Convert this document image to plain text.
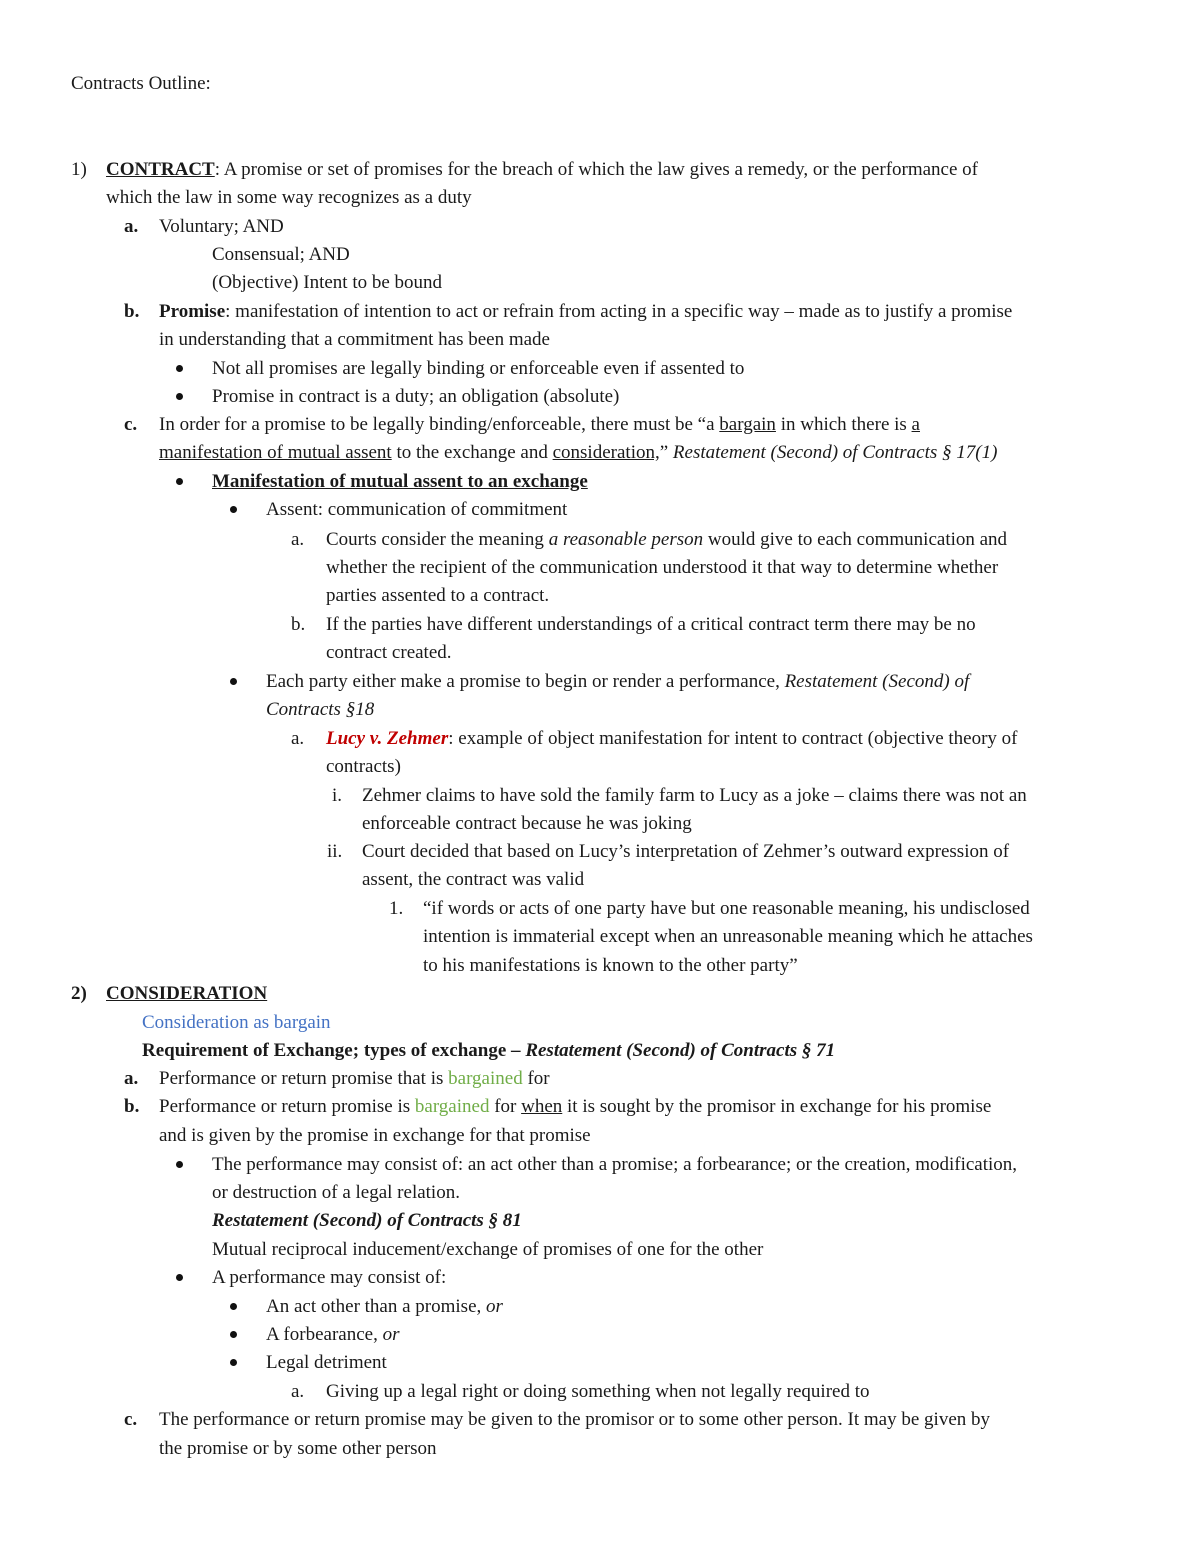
Contracts Outline:
1) CONTRACT: A promise or set of promises for the breach of which the law gives a remedy, or the performance of
which the law in some way recognizes as a duty
a. Voluntary; AND
Consensual; AND
(Objective) Intent to be bound
b. Promise: manifestation of intention to act or refrain from acting in a specific way – made as to justify a promise
in understanding that a commitment has been made
Not all promises are legally binding or enforceable even if assented to
Promise in contract is a duty; an obligation (absolute)
c. In order for a promise to be legally binding/enforceable, there must be “a bargain in which there is a
manifestation of mutual assent to the exchange and consideration,” Restatement (Second) of Contracts § 17(1)
Manifestation of mutual assent to an exchange
Assent: communication of commitment
a. Courts consider the meaning a reasonable person would give to each communication and
whether the recipient of the communication understood it that way to determine whether
parties assented to a contract.
b. If the parties have different understandings of a critical contract term there may be no
contract created.
Each party either make a promise to begin or render a performance, Restatement (Second) of
Contracts §18
a. Lucy v. Zehmer: example of object manifestation for intent to contract (objective theory of
contracts)
i. Zehmer claims to have sold the family farm to Lucy as a joke – claims there was not an
enforceable contract because he was joking
ii. Court decided that based on Lucy’s interpretation of Zehmer’s outward expression of
assent, the contract was valid
1. “if words or acts of one party have but one reasonable meaning, his undisclosed
intention is immaterial except when an unreasonable meaning which he attaches
to his manifestations is known to the other party”
2) CONSIDERATION
Consideration as bargain
Requirement of Exchange; types of exchange – Restatement (Second) of Contracts § 71
a. Performance or return promise that is bargained for
b. Performance or return promise is bargained for when it is sought by the promisor in exchange for his promise
and is given by the promise in exchange for that promise
The performance may consist of: an act other than a promise; a forbearance; or the creation, modification,
or destruction of a legal relation.
Restatement (Second) of Contracts § 81
Mutual reciprocal inducement/exchange of promises of one for the other
A performance may consist of:
An act other than a promise, or
A forbearance, or
Legal detriment
a. Giving up a legal right or doing something when not legally required to
c. The performance or return promise may be given to the promisor or to some other person. It may be given by
the promise or by some other person
